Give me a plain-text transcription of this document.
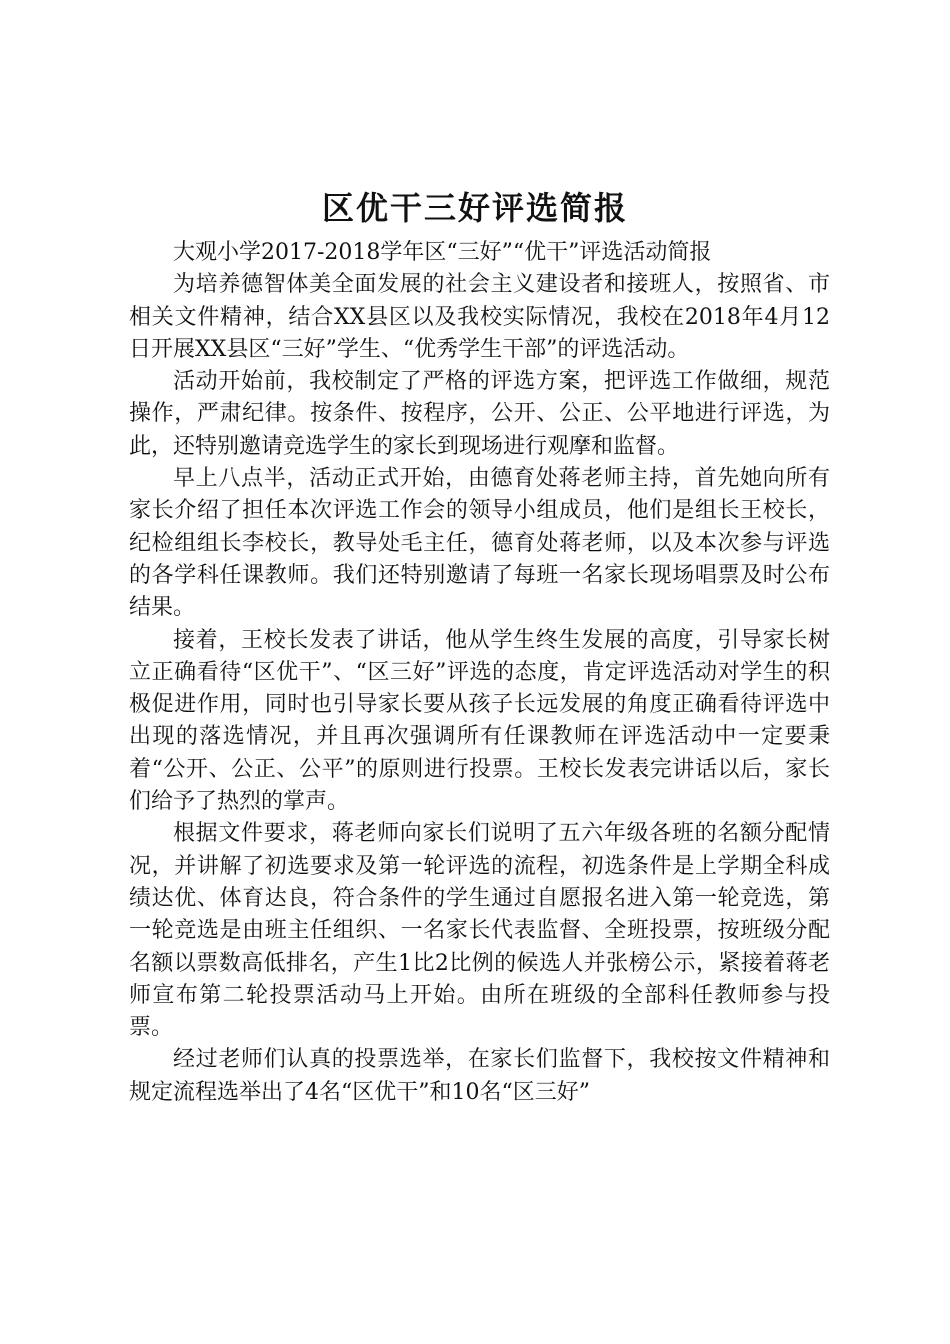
区优干三好评选简报

大观小学2017-2018学年区“三好”“优干”评选活动简报

为培养德智体美全面发展的社会主义建设者和接班人，按照省、市相关文件精神，结合XX县区以及我校实际情况，我校在2018年4月12日开展XX县区“三好”学生、“优秀学生干部”的评选活动。

活动开始前，我校制定了严格的评选方案，把评选工作做细，规范操作，严肃纪律。按条件、按程序，公开、公正、公平地进行评选，为此，还特别邀请竞选学生的家长到现场进行观摩和监督。

早上八点半，活动正式开始，由德育处蒋老师主持，首先她向所有家长介绍了担任本次评选工作会的领导小组成员，他们是组长王校长，纪检组组长李校长，教导处毛主任，德育处蒋老师，以及本次参与评选的各学科任课教师。我们还特别邀请了每班一名家长现场唱票及时公布结果。

接着，王校长发表了讲话，他从学生终生发展的高度，引导家长树立正确看待“区优干”、“区三好”评选的态度，肯定评选活动对学生的积极促进作用，同时也引导家长要从孩子长远发展的角度正确看待评选中出现的落选情况，并且再次强调所有任课教师在评选活动中一定要秉着“公开、公正、公平”的原则进行投票。王校长发表完讲话以后，家长们给予了热烈的掌声。

根据文件要求，蒋老师向家长们说明了五六年级各班的名额分配情况，并讲解了初选要求及第一轮评选的流程，初选条件是上学期全科成绩达优、体育达良，符合条件的学生通过自愿报名进入第一轮竞选，第一轮竞选是由班主任组织、一名家长代表监督、全班投票，按班级分配名额以票数高低排名，产生1比2比例的候选人并张榜公示，紧接着蒋老师宣布第二轮投票活动马上开始。由所在班级的全部科任教师参与投票。

经过老师们认真的投票选举，在家长们监督下，我校按文件精神和规定流程选举出了4名“区优干”和10名“区三好”
